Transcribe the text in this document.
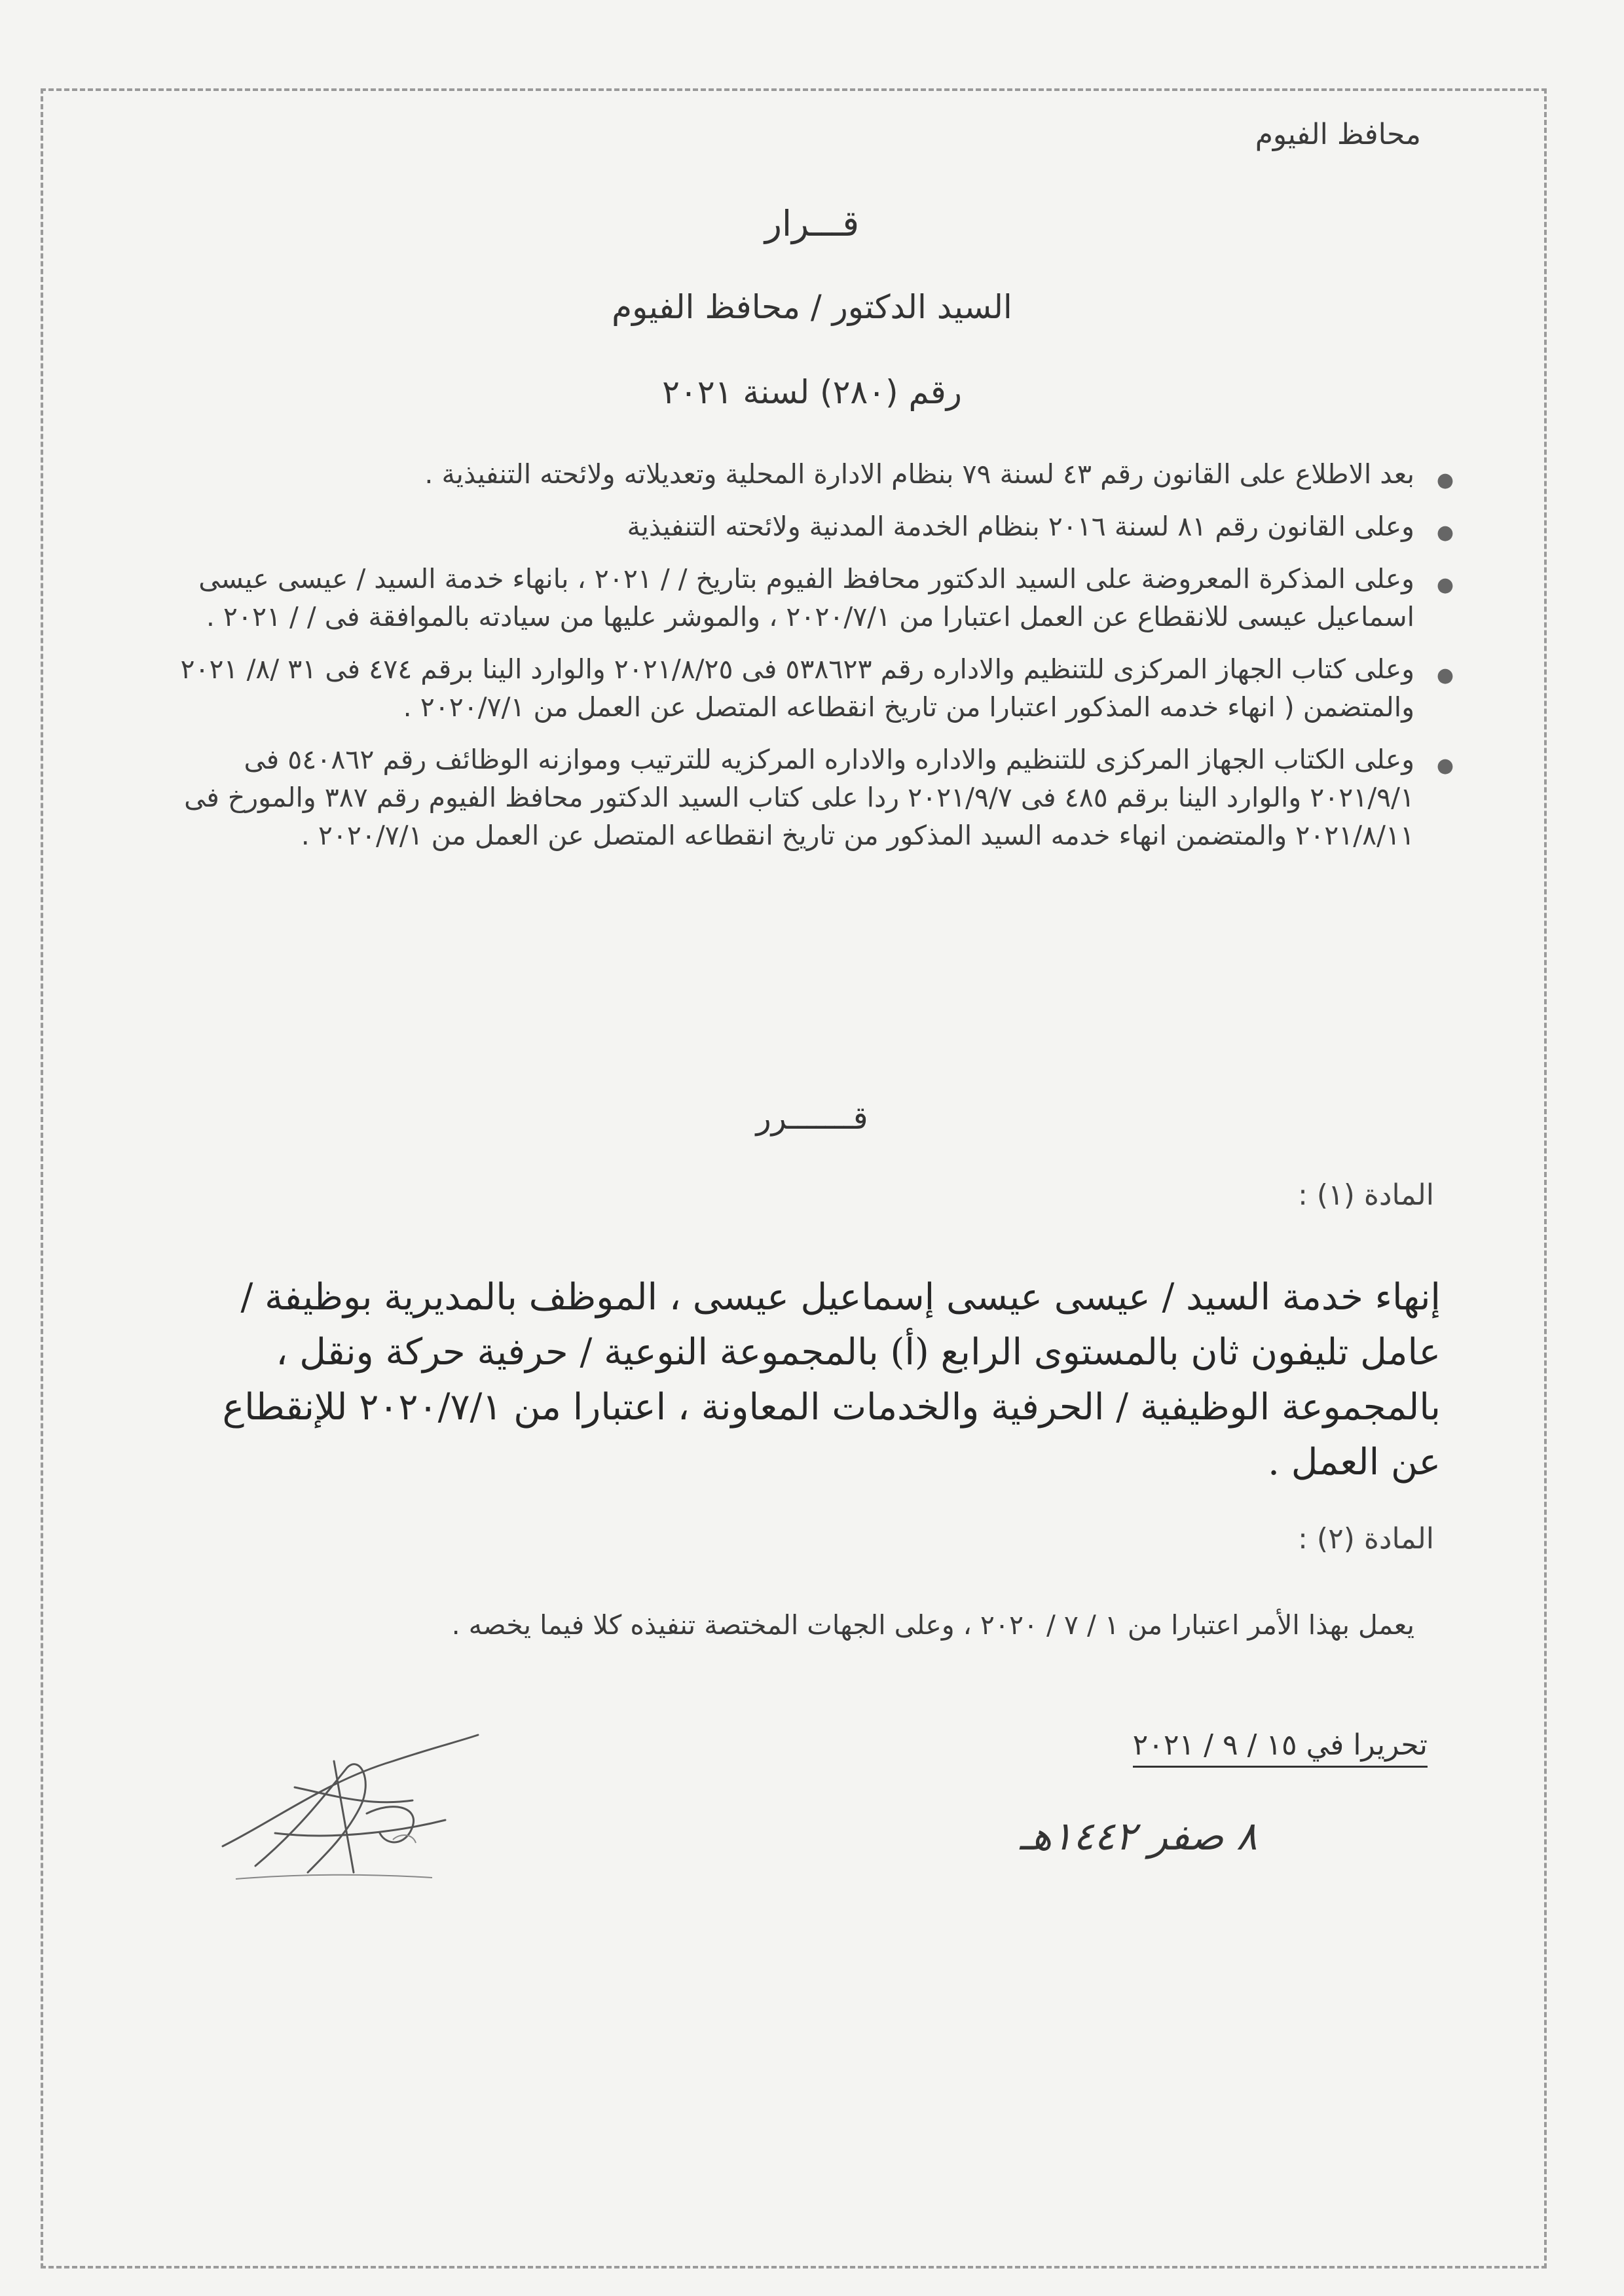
محافظ الفيوم
قـــرار
السيد الدكتور / محافظ الفيوم
رقم (٢٨٠) لسنة ٢٠٢١
●
بعد الاطلاع على القانون رقم ٤٣ لسنة ٧٩ بنظام الادارة المحلية وتعديلاته ولائحته التنفيذية .
●
وعلى القانون رقم ٨١ لسنة ٢٠١٦ بنظام الخدمة المدنية ولائحته التنفيذية
●
وعلى المذكرة المعروضة على السيد الدكتور محافظ الفيوم بتاريخ / / ٢٠٢١ ، بانهاء خدمة السيد / عيسى عيسى اسماعيل عيسى للانقطاع عن العمل اعتبارا من ٢٠٢٠/٧/١ ، والموشر عليها من سيادته بالموافقة فى / / ٢٠٢١ .
●
وعلى كتاب الجهاز المركزى للتنظيم والاداره رقم ٥٣٨٦٢٣ فى ٢٠٢١/٨/٢٥ والوارد الينا برقم ٤٧٤ فى ٣١ /٨/ ٢٠٢١ والمتضمن ( انهاء خدمه المذكور اعتبارا من تاريخ انقطاعه المتصل عن العمل من ٢٠٢٠/٧/١ .
●
وعلى الكتاب الجهاز المركزى للتنظيم والاداره والاداره المركزيه للترتيب وموازنه الوظائف رقم ٥٤٠٨٦٢ فى ٢٠٢١/٩/١ والوارد الينا برقم ٤٨٥ فى ٢٠٢١/٩/٧ ردا على كتاب السيد الدكتور محافظ الفيوم رقم ٣٨٧ والمورخ فى ٢٠٢١/٨/١١ والمتضمن انهاء خدمه السيد المذكور من تاريخ انقطاعه المتصل عن العمل من ٢٠٢٠/٧/١ .
قـــــــرر
المادة (١) :
إنهاء خدمة السيد / عيسى عيسى إسماعيل عيسى ، الموظف بالمديرية بوظيفة / عامل تليفون ثان بالمستوى الرابع (أ) بالمجموعة النوعية / حرفية حركة ونقل ، بالمجموعة الوظيفية / الحرفية والخدمات المعاونة ، اعتبارا من ٢٠٢٠/٧/١ للإنقطاع عن العمل .
المادة (٢) :
يعمل بهذا الأمر اعتبارا من ١ / ٧ / ٢٠٢٠ ، وعلى الجهات المختصة تنفيذه كلا فيما يخصه .
تحريرا في ١٥ / ٩ / ٢٠٢١
٨ صفر ١٤٤٢هـ
